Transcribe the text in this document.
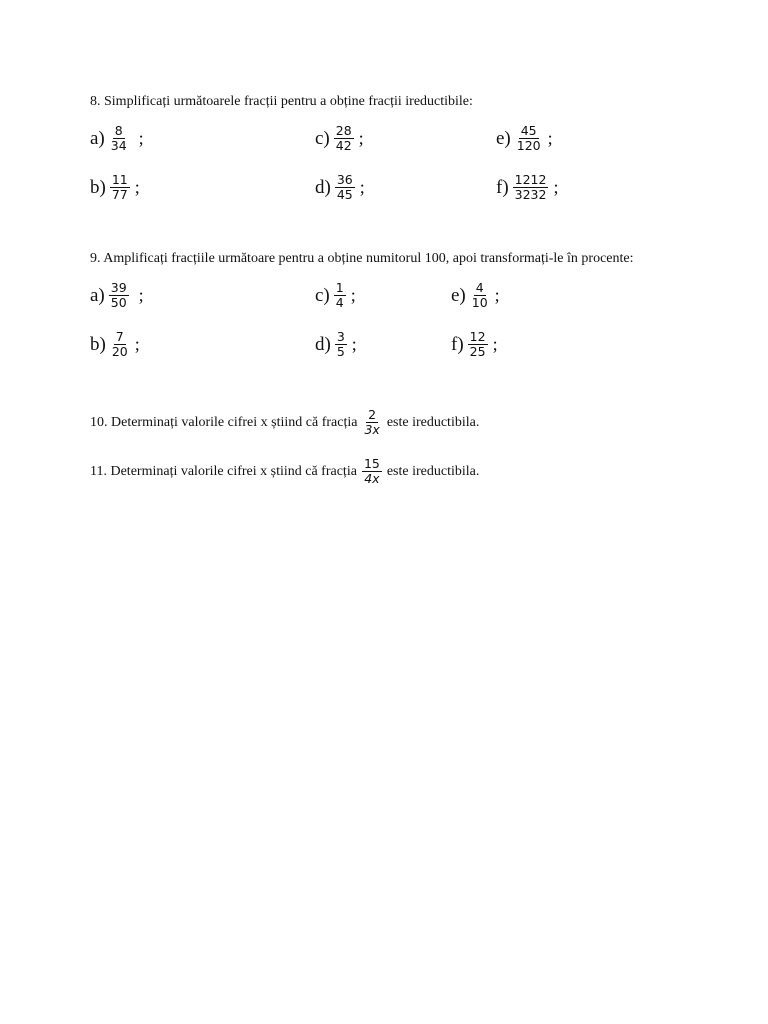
8. Simplificați următoarele fracții pentru a obține fracții ireductibile:
$a) \frac{8}{34}$ ;	$c) \frac{28}{42}$ ;	$e) \frac{45}{120}$ ;
$b) \frac{11}{77}$ ;	$d) \frac{36}{45}$ ;	$f) \frac{1212}{3232}$ ;
9. Amplificați fracțiile următoare pentru a obține numitorul 100, apoi transformați-le în procente:
$a) \frac{39}{50}$ ;	$c) \frac{1}{4}$ ;	$e) \frac{4}{10}$ ;
$b) \frac{7}{20}$ ;	$d) \frac{3}{5}$ ;	$f) \frac{12}{25}$ ;
10. Determinați valorile cifrei x știind că fracția $\frac{2}{3x}$ este ireductibila.
11. Determinați valorile cifrei x știind că fracția $\frac{15}{4x}$ este ireductibila.
